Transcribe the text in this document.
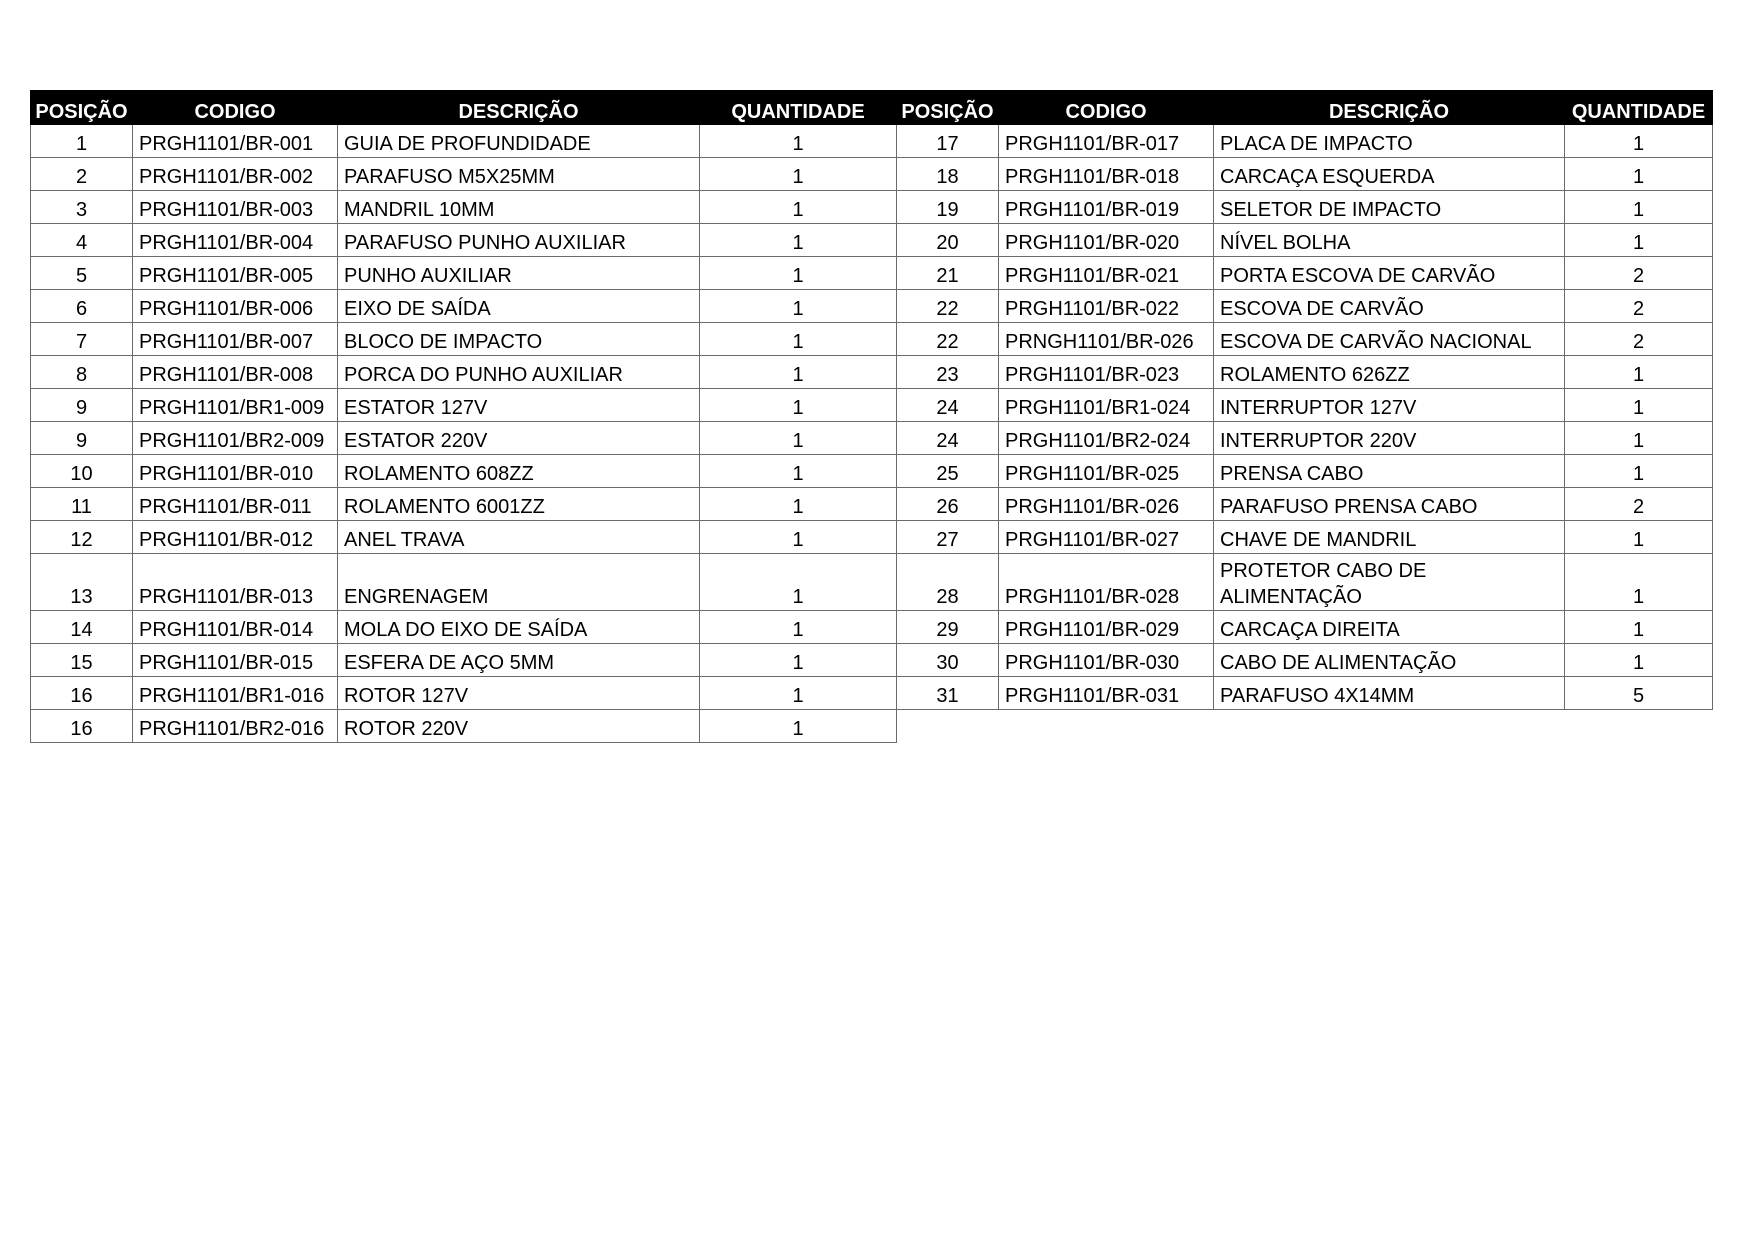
POSIÇÃO	CODIGO	DESCRIÇÃO	QUANTIDADE	POSIÇÃO	CODIGO	DESCRIÇÃO	QUANTIDADE
1	PRGH1101/BR-001	GUIA DE PROFUNDIDADE	1	17	PRGH1101/BR-017	PLACA DE IMPACTO	1
2	PRGH1101/BR-002	PARAFUSO M5X25MM	1	18	PRGH1101/BR-018	CARCAÇA ESQUERDA	1
3	PRGH1101/BR-003	MANDRIL 10MM	1	19	PRGH1101/BR-019	SELETOR DE IMPACTO	1
4	PRGH1101/BR-004	PARAFUSO PUNHO AUXILIAR	1	20	PRGH1101/BR-020	NÍVEL BOLHA	1
5	PRGH1101/BR-005	PUNHO AUXILIAR	1	21	PRGH1101/BR-021	PORTA ESCOVA DE CARVÃO	2
6	PRGH1101/BR-006	EIXO DE SAÍDA	1	22	PRGH1101/BR-022	ESCOVA DE CARVÃO	2
7	PRGH1101/BR-007	BLOCO DE IMPACTO	1	22	PRNGH1101/BR-026	ESCOVA DE CARVÃO NACIONAL	2
8	PRGH1101/BR-008	PORCA DO PUNHO AUXILIAR	1	23	PRGH1101/BR-023	ROLAMENTO 626ZZ	1
9	PRGH1101/BR1-009	ESTATOR 127V	1	24	PRGH1101/BR1-024	INTERRUPTOR 127V	1
9	PRGH1101/BR2-009	ESTATOR 220V	1	24	PRGH1101/BR2-024	INTERRUPTOR 220V	1
10	PRGH1101/BR-010	ROLAMENTO 608ZZ	1	25	PRGH1101/BR-025	PRENSA CABO	1
11	PRGH1101/BR-011	ROLAMENTO 6001ZZ	1	26	PRGH1101/BR-026	PARAFUSO PRENSA CABO	2
12	PRGH1101/BR-012	ANEL TRAVA	1	27	PRGH1101/BR-027	CHAVE DE MANDRIL	1
13	PRGH1101/BR-013	ENGRENAGEM	1	28	PRGH1101/BR-028	PROTETOR CABO DE ALIMENTAÇÃO	1
14	PRGH1101/BR-014	MOLA DO EIXO DE SAÍDA	1	29	PRGH1101/BR-029	CARCAÇA DIREITA	1
15	PRGH1101/BR-015	ESFERA DE AÇO 5MM	1	30	PRGH1101/BR-030	CABO DE ALIMENTAÇÃO	1
16	PRGH1101/BR1-016	ROTOR 127V	1	31	PRGH1101/BR-031	PARAFUSO 4X14MM	5
16	PRGH1101/BR2-016	ROTOR 220V	1				
